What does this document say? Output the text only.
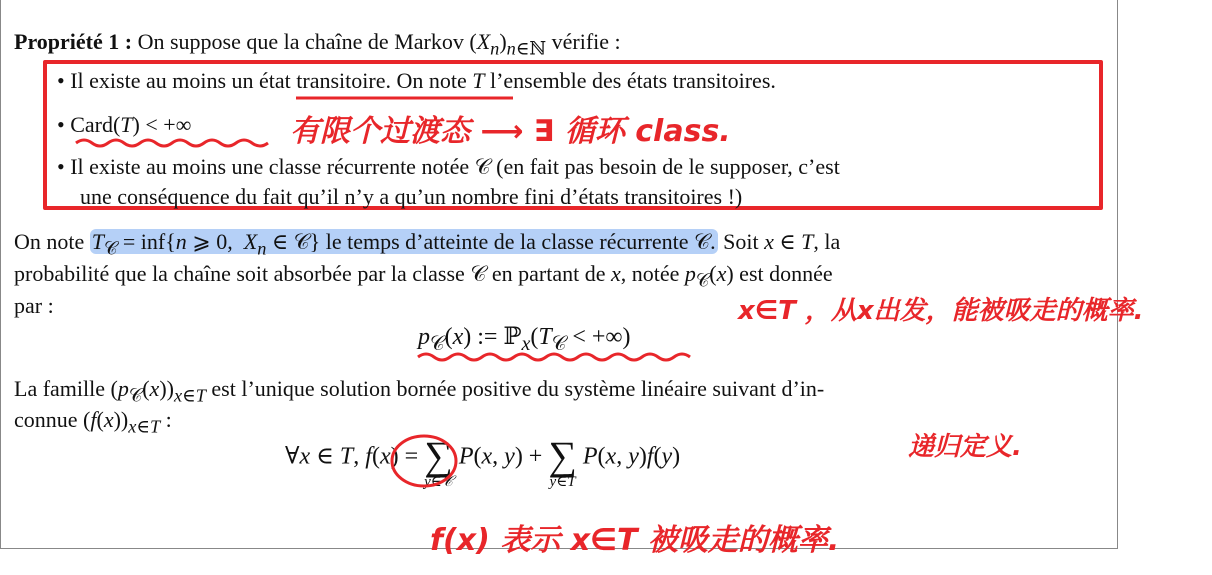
Propriété 1 : On suppose que la chaîne de Markov $(X_n)_{n\in ℕ}$ vérifie :
• Il existe au moins un état transitoire. On note T l’ensemble des états transitoires.
• Card(T) < +∞
• Il existe au moins une classe récurrente notée 𝒞 (en fait pas besoin de le supposer, c’est
une conséquence du fait qu’il n’y a qu’un nombre fini d’états transitoires !)
On note $T_𝒞 = inf\{n$ ⩾ 0,  $X_n$ ∈ 𝒞} le temps d’atteinte de la classe récurrente 𝒞. Soit x ∈ T, la
probabilité que la chaîne soit absorbée par la classe 𝒞 en partant de x, notée $p_𝒞(x)$ est donnée
par :
$p_𝒞(x)$ := $ℙ_x(T_𝒞$ < +∞)
La famille $(p_𝒞(x))_{x\in T}$ est l’unique solution bornée positive du système linéaire suivant d’in-
connue $(f(x))_{x\in T}$ :
∀x ∈ T, f(x) = ∑
y∈𝒞
P(x, y) + ∑
y∈T
P(x, y)f(y)
有限个过渡态 ⟶ ∃ 循环 class.
x∈T ，从x出发，能被吸走的概率.
递归定义.
f(x) 表示 x∈T 被吸走的概率.
